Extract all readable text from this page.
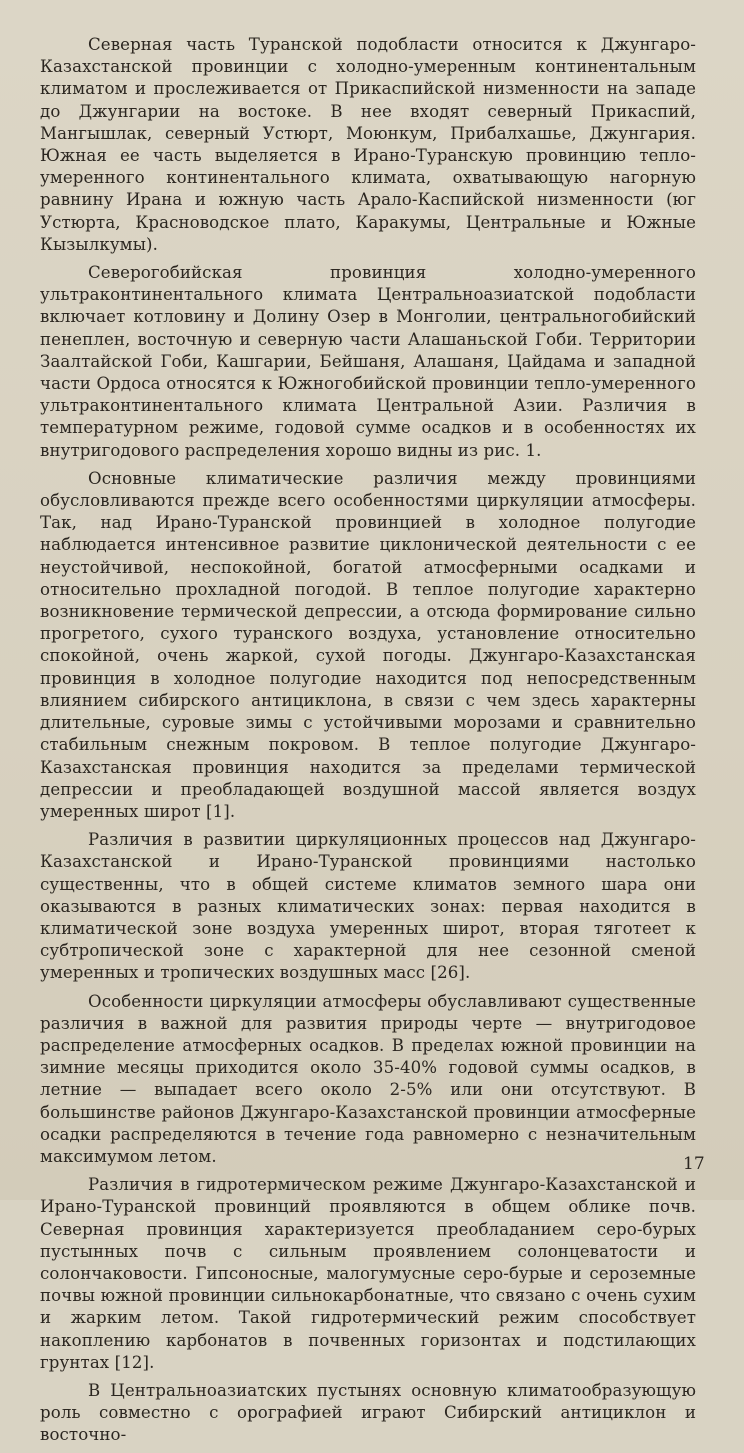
Северная часть Туранской подобласти относится к Джунгаро-Казахстанской провинции с холодно-умеренным континентальным климатом и прослеживается от Прикаспийской низменности на западе до Джунгарии на востоке. В нее входят северный Прикаспий, Мангышлак, северный Устюрт, Моюнкум, Прибалхашье, Джунгария. Южная ее часть выделяется в Ирано-Туранскую провинцию тепло-умеренного континентального климата, охватывающую нагорную равнину Ирана и южную часть Арало-Каспийской низменности (юг Устюрта, Красноводское плато, Каракумы, Центральные и Южные Кызылкумы).

Северогобийская провинция холодно-умеренного ультраконтинентального климата Центральноазиатской подобласти включает котловину и Долину Озер в Монголии, центральногобийский пенеплен, восточную и северную части Алашаньской Гоби. Территории Заалтайской Гоби, Кашгарии, Бейшаня, Алашаня, Цайдама и западной части Ордоса относятся к Южногобийской провинции тепло-умеренного ультраконтинентального климата Центральной Азии. Различия в температурном режиме, годовой сумме осадков и в особенностях их внутригодового распределения хорошо видны из рис. 1.

Основные климатические различия между провинциями обусловливаются прежде всего особенностями циркуляции атмосферы. Так, над Ирано-Туранской провинцией в холодное полугодие наблюдается интенсивное развитие циклонической деятельности с ее неустойчивой, неспокойной, богатой атмосферными осадками и относительно прохладной погодой. В теплое полугодие характерно возникновение термической депрессии, а отсюда формирование сильно прогретого, сухого туранского воздуха, установление относительно спокойной, очень жаркой, сухой погоды. Джунгаро-Казахстанская провинция в холодное полугодие находится под непосредственным влиянием сибирского антициклона, в связи с чем здесь характерны длительные, суровые зимы с устойчивыми морозами и сравнительно стабильным снежным покровом. В теплое полугодие Джунгаро-Казахстанская провинция находится за пределами термической депрессии и преобладающей воздушной массой является воздух умеренных широт [1].

Различия в развитии циркуляционных процессов над Джунгаро-Казахстанской и Ирано-Туранской провинциями настолько существенны, что в общей системе климатов земного шара они оказываются в разных климатических зонах: первая находится в климатической зоне воздуха умеренных широт, вторая тяготеет к субтропической зоне с характерной для нее сезонной сменой умеренных и тропических воздушных масс [26].

Особенности циркуляции атмосферы обуславливают существенные различия в важной для развития природы черте — внутригодовое распределение атмосферных осадков. В пределах южной провинции на зимние месяцы приходится около 35-40% годовой суммы осадков, в летние — выпадает всего около 2-5% или они отсутствуют. В большинстве районов Джунгаро-Казахстанской провинции атмосферные осадки распределяются в течение года равномерно с незначительным максимумом летом.

Различия в гидротермическом режиме Джунгаро-Казахстанской и Ирано-Туранской провинций проявляются в общем облике почв. Северная провинция характеризуется преобладанием серо-бурых пустынных почв с сильным проявлением солонцеватости и солончаковости. Гипсоносные, малогумусные серо-бурые и сероземные почвы южной провинции сильнокарбонатные, что связано с очень сухим и жарким летом. Такой гидротермический режим способствует накоплению карбонатов в почвенных горизонтах и подстилающих грунтах [12].

В Центральноазиатских пустынях основную климатообразующую роль совместно с орографией играют Сибирский антициклон и восточно-

17
